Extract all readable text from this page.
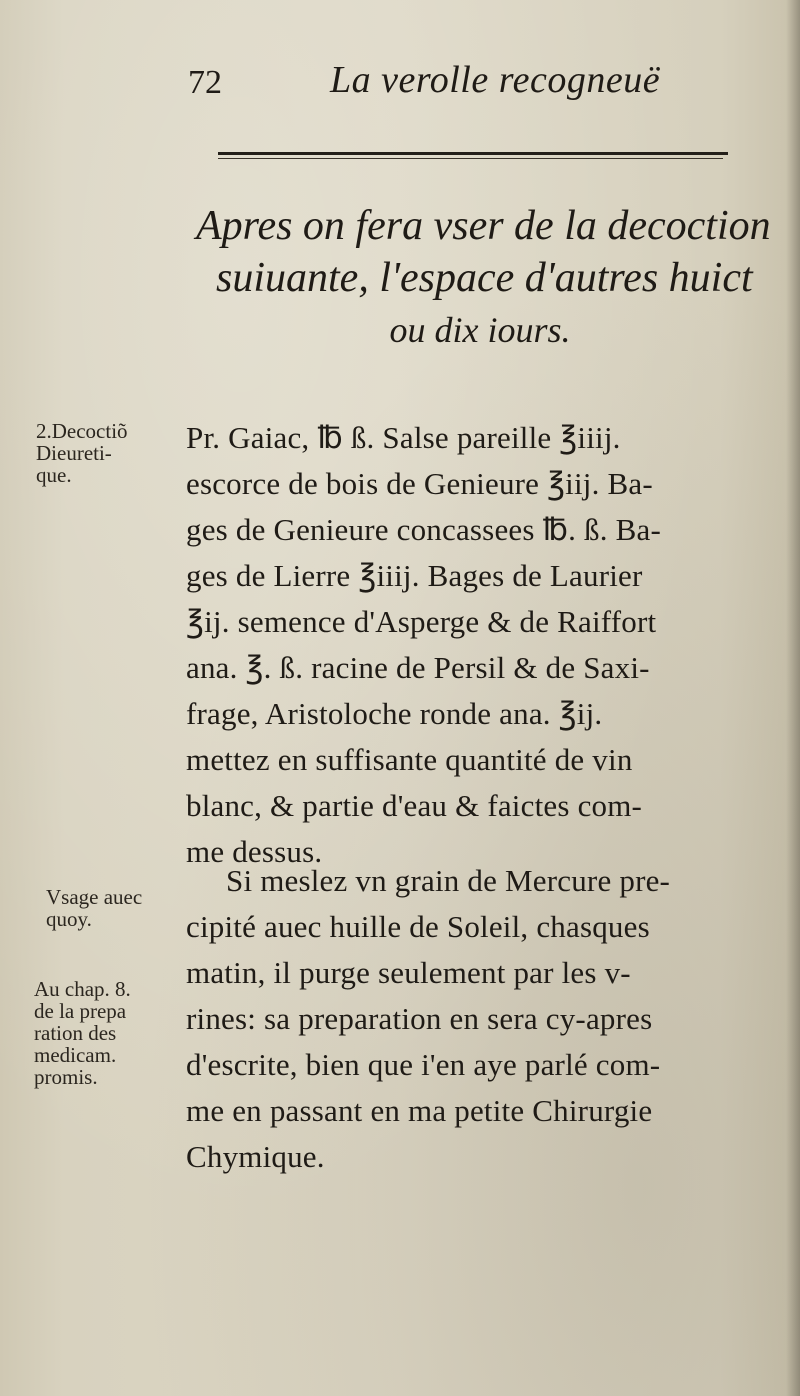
72	La verolle recogneuë
Apres on fera vser de la decoction
suiuante, l'espace d'autres huict
ou dix iours.
2.Decoctiõ
Dieureti-
que.
Vsage auec
quoy.
Au chap. 8.
de la prepa
ration des
medicam.
promis.
Pr. Gaiac, ℔ ß. Salse pareille ℥iiij.
escorce de bois de Genieure ℥iij. Ba-
ges de Genieure concassees ℔. ß. Ba-
ges de Lierre ℥iiij. Bages de Laurier
℥ij. semence d'Asperge & de Raiffort
ana. ℥. ß. racine de Persil & de Saxi-
frage, Aristoloche ronde ana. ℥ij.
mettez en suffisante quantité de vin
blanc, & partie d'eau & faictes com-
me dessus.
Si meslez vn grain de Mercure pre-
cipité auec huille de Soleil, chasques
matin, il purge seulement par les v-
rines: sa preparation en sera cy-apres
d'escrite, bien que i'en aye parlé com-
me en passant en ma petite Chirurgie
Chymique.
